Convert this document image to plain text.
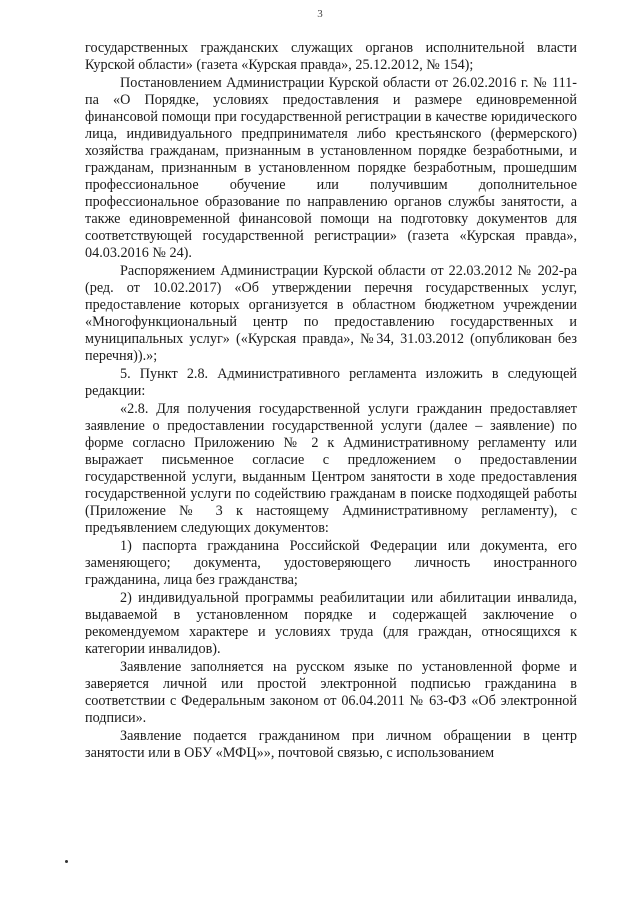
3

государственных гражданских служащих органов исполнительной власти Курской области» (газета «Курская правда», 25.12.2012, № 154);

Постановлением Администрации Курской области от 26.02.2016 г. № 111-па «О Порядке, условиях предоставления и размере единовременной финансовой помощи при государственной регистрации в качестве юридического лица, индивидуального предпринимателя либо крестьянского (фермерского) хозяйства гражданам, признанным в установленном порядке безработными, и гражданам, признанным в установленном порядке безработным, прошедшим профессиональное обучение или получившим дополнительное профессиональное образование по направлению органов службы занятости, а также единовременной финансовой помощи на подготовку документов для соответствующей государственной регистрации» (газета «Курская правда», 04.03.2016 № 24).

Распоряжением Администрации Курской области от 22.03.2012 № 202-ра (ред. от 10.02.2017) «Об утверждении перечня государственных услуг, предоставление которых организуется в областном бюджетном учреждении «Многофункциональный центр по предоставлению государственных и муниципальных услуг» («Курская правда», №34, 31.03.2012 (опубликован без перечня)).»;

5. Пункт 2.8. Административного регламента изложить в следующей редакции:

«2.8. Для получения государственной услуги гражданин предоставляет заявление о предоставлении государственной услуги (далее – заявление) по форме согласно Приложению № 2 к Административному регламенту или выражает письменное согласие с предложением о предоставлении государственной услуги, выданным Центром занятости в ходе предоставления государственной услуги по содействию гражданам в поиске подходящей работы (Приложение № 3 к настоящему Административному регламенту), с предъявлением следующих документов:

1) паспорта гражданина Российской Федерации или документа, его заменяющего; документа, удостоверяющего личность иностранного гражданина, лица без гражданства;

2) индивидуальной программы реабилитации или абилитации инвалида, выдаваемой в установленном порядке и содержащей заключение о рекомендуемом характере и условиях труда (для граждан, относящихся к категории инвалидов).

Заявление заполняется на русском языке по установленной форме и заверяется личной или простой электронной подписью гражданина в соответствии с Федеральным законом от 06.04.2011 № 63-ФЗ «Об электронной подписи».

Заявление подается гражданином при личном обращении в центр занятости или в ОБУ «МФЦ»», почтовой связью, с использованием
